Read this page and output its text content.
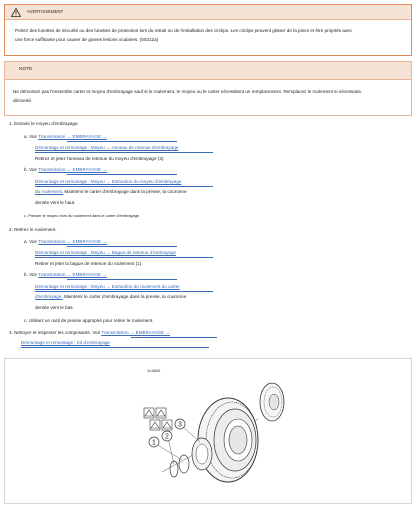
AVERTISSEMENT
Portez des lunettes de sécurité ou des lunettes de protection lors du retrait ou de l'installation des circlips. Les circlips peuvent glisser de la pince et être projetés avec
une force suffisante pour causer de graves lésions oculaires. (00312a)
NOTE
Ne démontez pas l'ensemble carter et moyeu d'embrayage sauf si le roulement, le moyeu ou le carter nécessitent un remplacement. Remplacez le roulement si nécessaire.
démonté.
1. Extraire le moyeu d'embrayage.
a. Voir Transmission → EMBRAYAGE →
Démontage et remontage : Moyeu → Anneau de retenue d'embrayage
Retirez et jetez l'anneau de retenue du moyeu d'embrayage (2).
b. Voir Transmission → EMBRAYAGE →
Démontage et remontage : Moyeu → Extraction du moyeu d'embrayage
du roulement. Maintenir le carter d'embrayage dans la presse, la couronne
dentée vers le haut.
c. Presser le moyeu hors du roulement dans le carter d'embrayage.
2. Retirez le roulement.
a. Voir Transmission → EMBRAYAGE →
Démontage et remontage : Moyeu → Bague de retenue d'embrayage
Retirer et jeter la bague de retenue du roulement (1).
b. Voir Transmission → EMBRAYAGE →
Démontage et remontage : Moyeu → Extraction du roulement du carter
d'embrayage. Maintenir le carter d'embrayage dans la presse, la couronne
dentée vers le bas.
c. Utilisez un outil de presse approprié pour retirer le roulement.
3. Nettoyer et inspecter les composants. Voir Transmission → EMBRAYAGE →
Démontage et remontage : Kit d'embrayage
1148801
1
2
3
